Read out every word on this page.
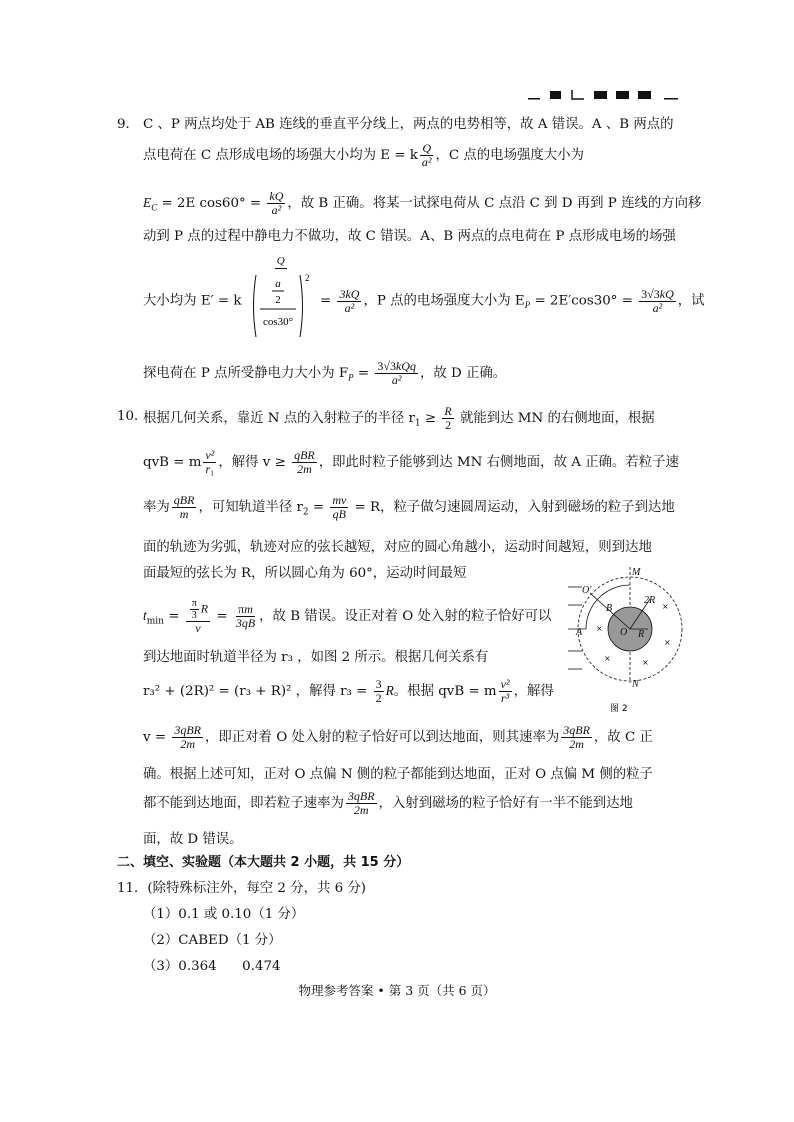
9． C 、P 两点均处于 AB 连线的垂直平分线上，两点的电势相等，故 A 错误。A 、B 两点的
点电荷在 C 点形成电场的场强大小均为 E = k $\frac{Q}{\text{a²}}$ ，C 点的电场强度大小为
$E_C = 2E$ $\cos 60^\circ = \frac{kQ}{\text{a²}}$ ，故 B 正确。将某一试探电荷从 C 点沿 C 到 D 再到 P 连线的方向移
动到 P 点的过程中静电力不做功，故 C 错误。A、B 两点的点电荷在 P 点形成电场的场强
大小均为 E′ = k Q
a
2
cos30°
$2 = \frac{3kQ}{\text{a²}}$ ，P 点的电场强度大小为 $E_P = 2E'\cos 30^\circ = \frac{3√3kQ}{\text{a²}}$ ，试
探电荷在 P 点所受静电力大小为 $F_P = \frac{\text{3√3kQq}}{\text{a²}}$ ，故 D 正确。
10．
根据几何关系，靠近 N 点的入射粒子的半径 $r_1 \ge \frac{R}{2}$ 就能到达 MN 的右侧地面，根据
qvB = m $\frac{\text{v²}}{\text{r₁}}$ ，解得 $v \ge \frac{\text{qBR}}{2m}$ ，即此时粒子能够到达 MN 右侧地面，故 A 正确。若粒子速
率为 $\frac{\text{qBR}}{m}$ ，可知轨道半径 $r_2 = \frac{mv}{qB} = R$，粒子做匀速圆周运动，入射到磁场的粒子到达地
面的轨迹为劣弧，轨迹对应的弦长越短，对应的圆心角越小，运动时间越短，则到达地
面最短的弦长为 R，所以圆心角为 60°，运动时间最短
$t_{min} = \frac{\frac{\pi}{3} R}{v} = \frac{\pi m}{3qB}$ ，故 B 错误。设正对着 O 处入射的粒子恰好可以
到达地面时轨道半径为 r₃ ，如图 2 所示。根据几何关系有
r₃² + (2R)² = (r₃ + R)² ，解得 $r_3 = \frac{3}{2}$ R。根据 qvB = m $\frac{\text{v²}}{\text{r³}}$ ，解得
$v = \frac{\text{3qBR}}{2m}$ ，即正对着 O 处入射的粒子恰好可以到达地面，则其速率为 $\frac{\text{3qBR}}{2m}$ ，故 C 正
确。根据上述可知，正对 O 点偏 N 侧的粒子都能到达地面，正对 O 点偏 M 侧的粒子
都不能到达地面，即若粒子速率为 $\frac{\text{3qBR}}{2m}$ ，入射到磁场的粒子恰好有一半不能到达地
面，故 D 错误。
M
N
O′
B
A	O R
2R
×
×
×	×
×
图 2
二、填空、实验题（本大题共 2 小题，共 15 分）
11．(除特殊标注外，每空 2 分，共 6 分)
（1）0.1 或 0.10（1 分）
（2）CABED（1 分）
（3）0.364      0.474
物理参考答案 • 第 3 页（共 6 页）
